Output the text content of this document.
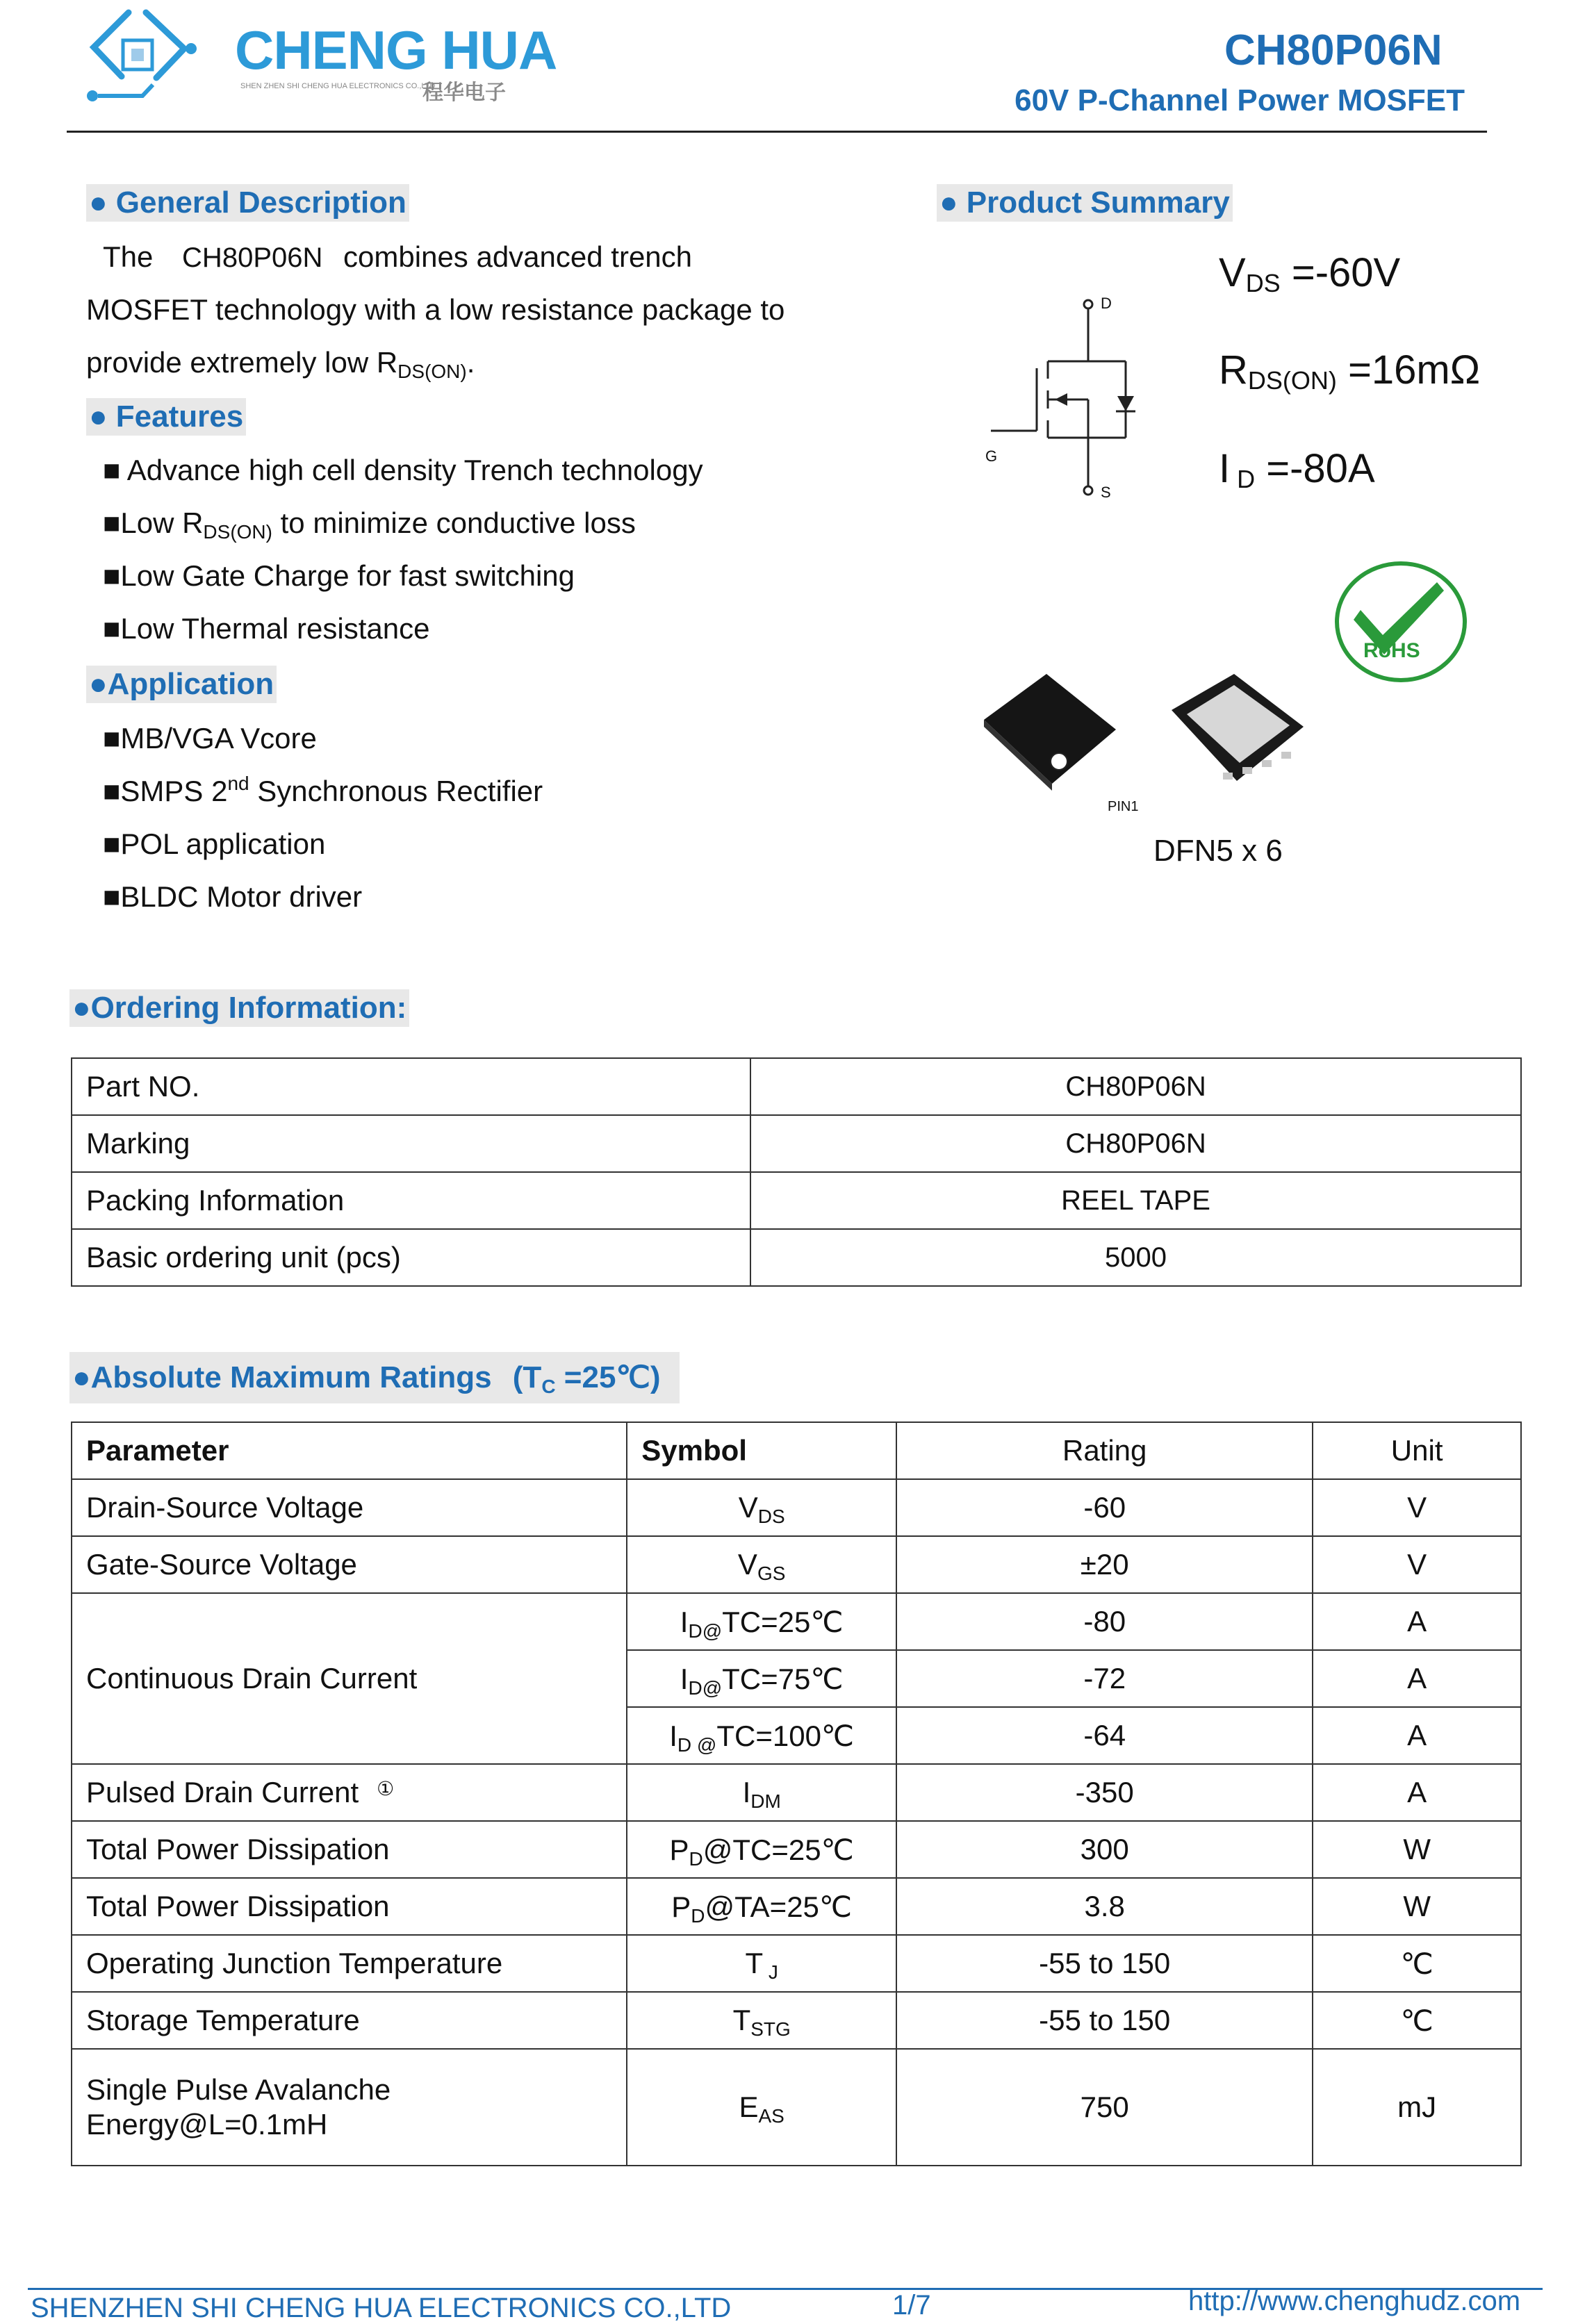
CHENG HUA
SHEN ZHEN SHI CHENG HUA ELECTRONICS CO.,LTD
程华电子
CH80P06N
60V P-Channel Power MOSFET
● General Description
The CH80P06N combines advanced trench
MOSFET technology with a low resistance package to
provide extremely low $R_{DS(ON)}$.
● Features
■ Advance high cell density Trench technology
■Low $R_{DS(ON)}$ to minimize conductive loss
■Low Gate Charge for fast switching
■Low Thermal resistance
●Application
■MB/VGA Vcore
■SMPS 2nd Synchronous Rectifier
■POL application
■BLDC Motor driver
● Product Summary
D
G
S
$V_{DS} =-60V$
$R_{DS(ON)} =16m\Omega$
I $_D$ =-80A
RoHS
PIN1
DFN5 x 6
●Ordering Information:
Part NO.	CH80P06N
Marking	CH80P06N
Packing Information	REEL TAPE
Basic ordering unit (pcs)	5000
●Absolute Maximum Ratings ($T_C$ =25℃)
Parameter	Symbol	Rating	Unit
Drain-Source Voltage	$V_{DS}$	-60	V
Gate-Source Voltage	$V_{GS}$	±20	V
Continuous Drain Current	$I_{D@}TC=25℃$	-80	A
	$I_{D@}TC=75℃$	-72	A
	$I_{D @}TC=100℃$	-64	A
Pulsed Drain Current ①	$I_{DM}$	-350	A
Total Power Dissipation	$P_D@TC=25℃$	300	W
Total Power Dissipation	$P_D@TA=25℃$	3.8	W
Operating Junction Temperature	T $_J$	-55 to 150	℃
Storage Temperature	$T_{STG}$	-55 to 150	℃

Single Pulse Avalanche
Energy@L=0.1mH	$E_{AS}$	750	mJ
SHENZHEN SHI CHENG HUA ELECTRONICS CO.,LTD	1/7	http://www.chenghudz.com
